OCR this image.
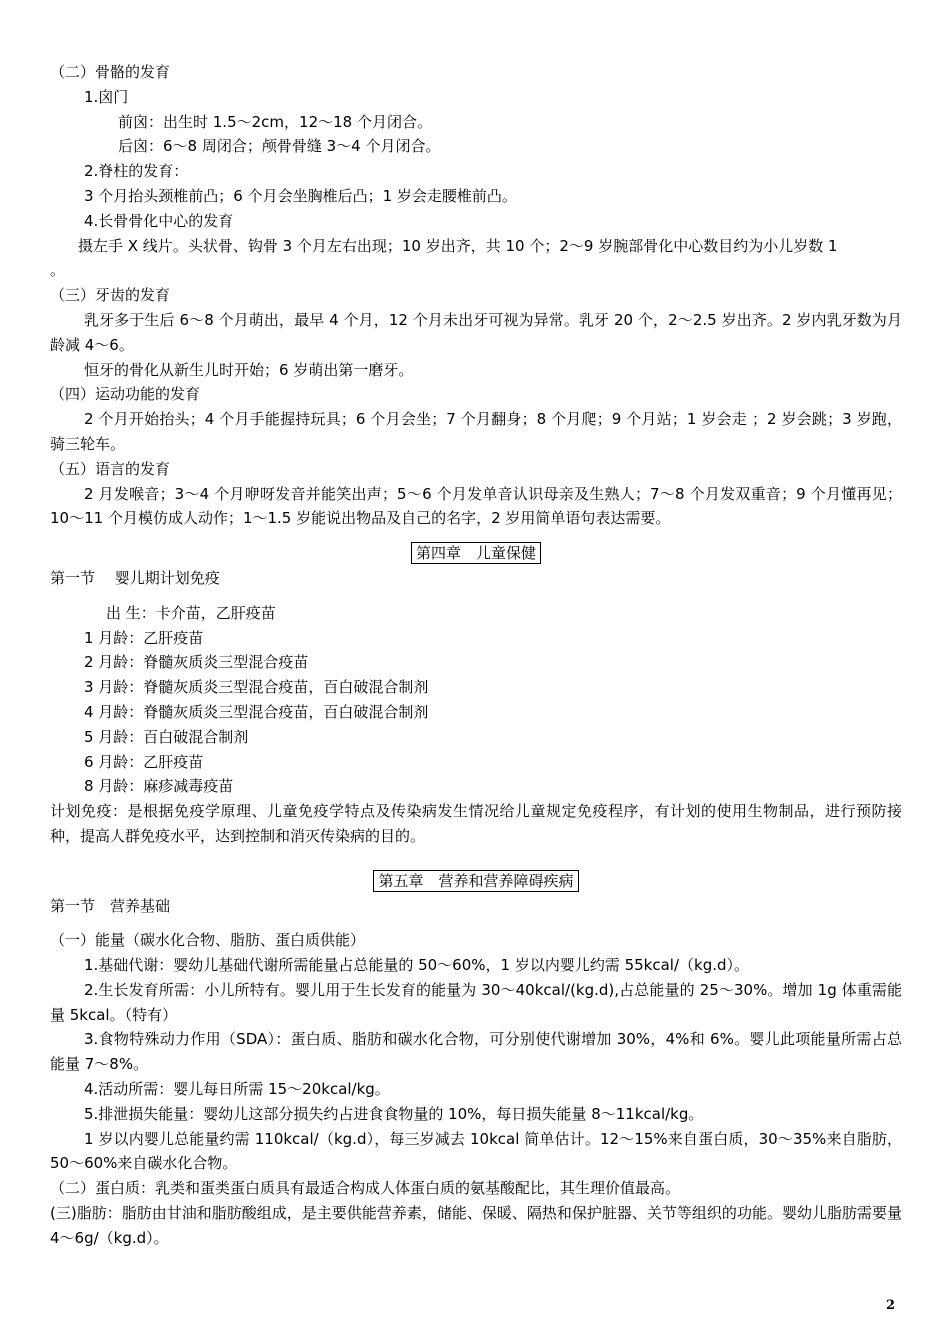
（二）骨骼的发育
1.囟门
前囟：出生时 1.5～2cm，12～18 个月闭合。
后囟：6～8 周闭合；颅骨骨缝 3～4 个月闭合。
2.脊柱的发育：
3 个月抬头颈椎前凸；6 个月会坐胸椎后凸；1 岁会走腰椎前凸。
4.长骨骨化中心的发育
摄左手 X 线片。头状骨、钩骨 3 个月左右出现；10 岁出齐，共 10 个；2～9 岁腕部骨化中心数目约为小儿岁数 1
。
（三）牙齿的发育
乳牙多于生后 6～8 个月萌出，最早 4 个月，12 个月未出牙可视为异常。乳牙 20 个，2～2.5 岁出齐。2 岁内乳牙数为月龄减 4～6。
恒牙的骨化从新生儿时开始；6 岁萌出第一磨牙。
（四）运动功能的发育
2 个月开始抬头；4 个月手能握持玩具；6 个月会坐；7 个月翻身；8 个月爬；9 个月站；1 岁会走 ；2 岁会跳；3 岁跑，骑三轮车。
（五）语言的发育
2 月发喉音；3～4 个月咿呀发音并能笑出声；5～6 个月发单音认识母亲及生熟人；7～8 个月发双重音；9 个月懂再见；10～11 个月模仿成人动作；1～1.5 岁能说出物品及自己的名字，2 岁用简单语句表达需要。
第四章　儿童保健
第一节　 婴儿期计划免疫
出 生：卡介苗，乙肝疫苗
1 月龄：乙肝疫苗
2 月龄：脊髓灰质炎三型混合疫苗
3 月龄：脊髓灰质炎三型混合疫苗，百白破混合制剂
4 月龄：脊髓灰质炎三型混合疫苗，百白破混合制剂
5 月龄：百白破混合制剂
6 月龄：乙肝疫苗
8 月龄：麻疹减毒疫苗
计划免疫：是根据免疫学原理、儿童免疫学特点及传染病发生情况给儿童规定免疫程序，有计划的使用生物制品，进行预防接种，提高人群免疫水平，达到控制和消灭传染病的目的。
第五章　营养和营养障碍疾病
第一节　营养基础
（一）能量（碳水化合物、脂肪、蛋白质供能）
1.基础代谢：婴幼儿基础代谢所需能量占总能量的 50～60%，1 岁以内婴儿约需 55kcal/（kg.d）。
2.生长发育所需：小儿所特有。婴儿用于生长发育的能量为 30～40kcal/(kg.d),占总能量的 25～30%。增加 1g 体重需能量 5kcal。（特有）
3.食物特殊动力作用（SDA）：蛋白质、脂肪和碳水化合物，可分别使代谢增加 30%，4%和 6%。婴儿此项能量所需占总能量 7～8%。
4.活动所需：婴儿每日所需 15～20kcal/kg。
5.排泄损失能量：婴幼儿这部分损失约占进食食物量的 10%，每日损失能量 8～11kcal/kg。
1 岁以内婴儿总能量约需 110kcal/（kg.d），每三岁减去 10kcal 简单估计。12～15%来自蛋白质，30～35%来自脂肪，50～60%来自碳水化合物。
（二）蛋白质：乳类和蛋类蛋白质具有最适合构成人体蛋白质的氨基酸配比，其生理价值最高。
(三)脂肪：脂肪由甘油和脂肪酸组成，是主要供能营养素，储能、保暖、隔热和保护脏器、关节等组织的功能。婴幼儿脂肪需要量 4～6g/（kg.d）。
2
